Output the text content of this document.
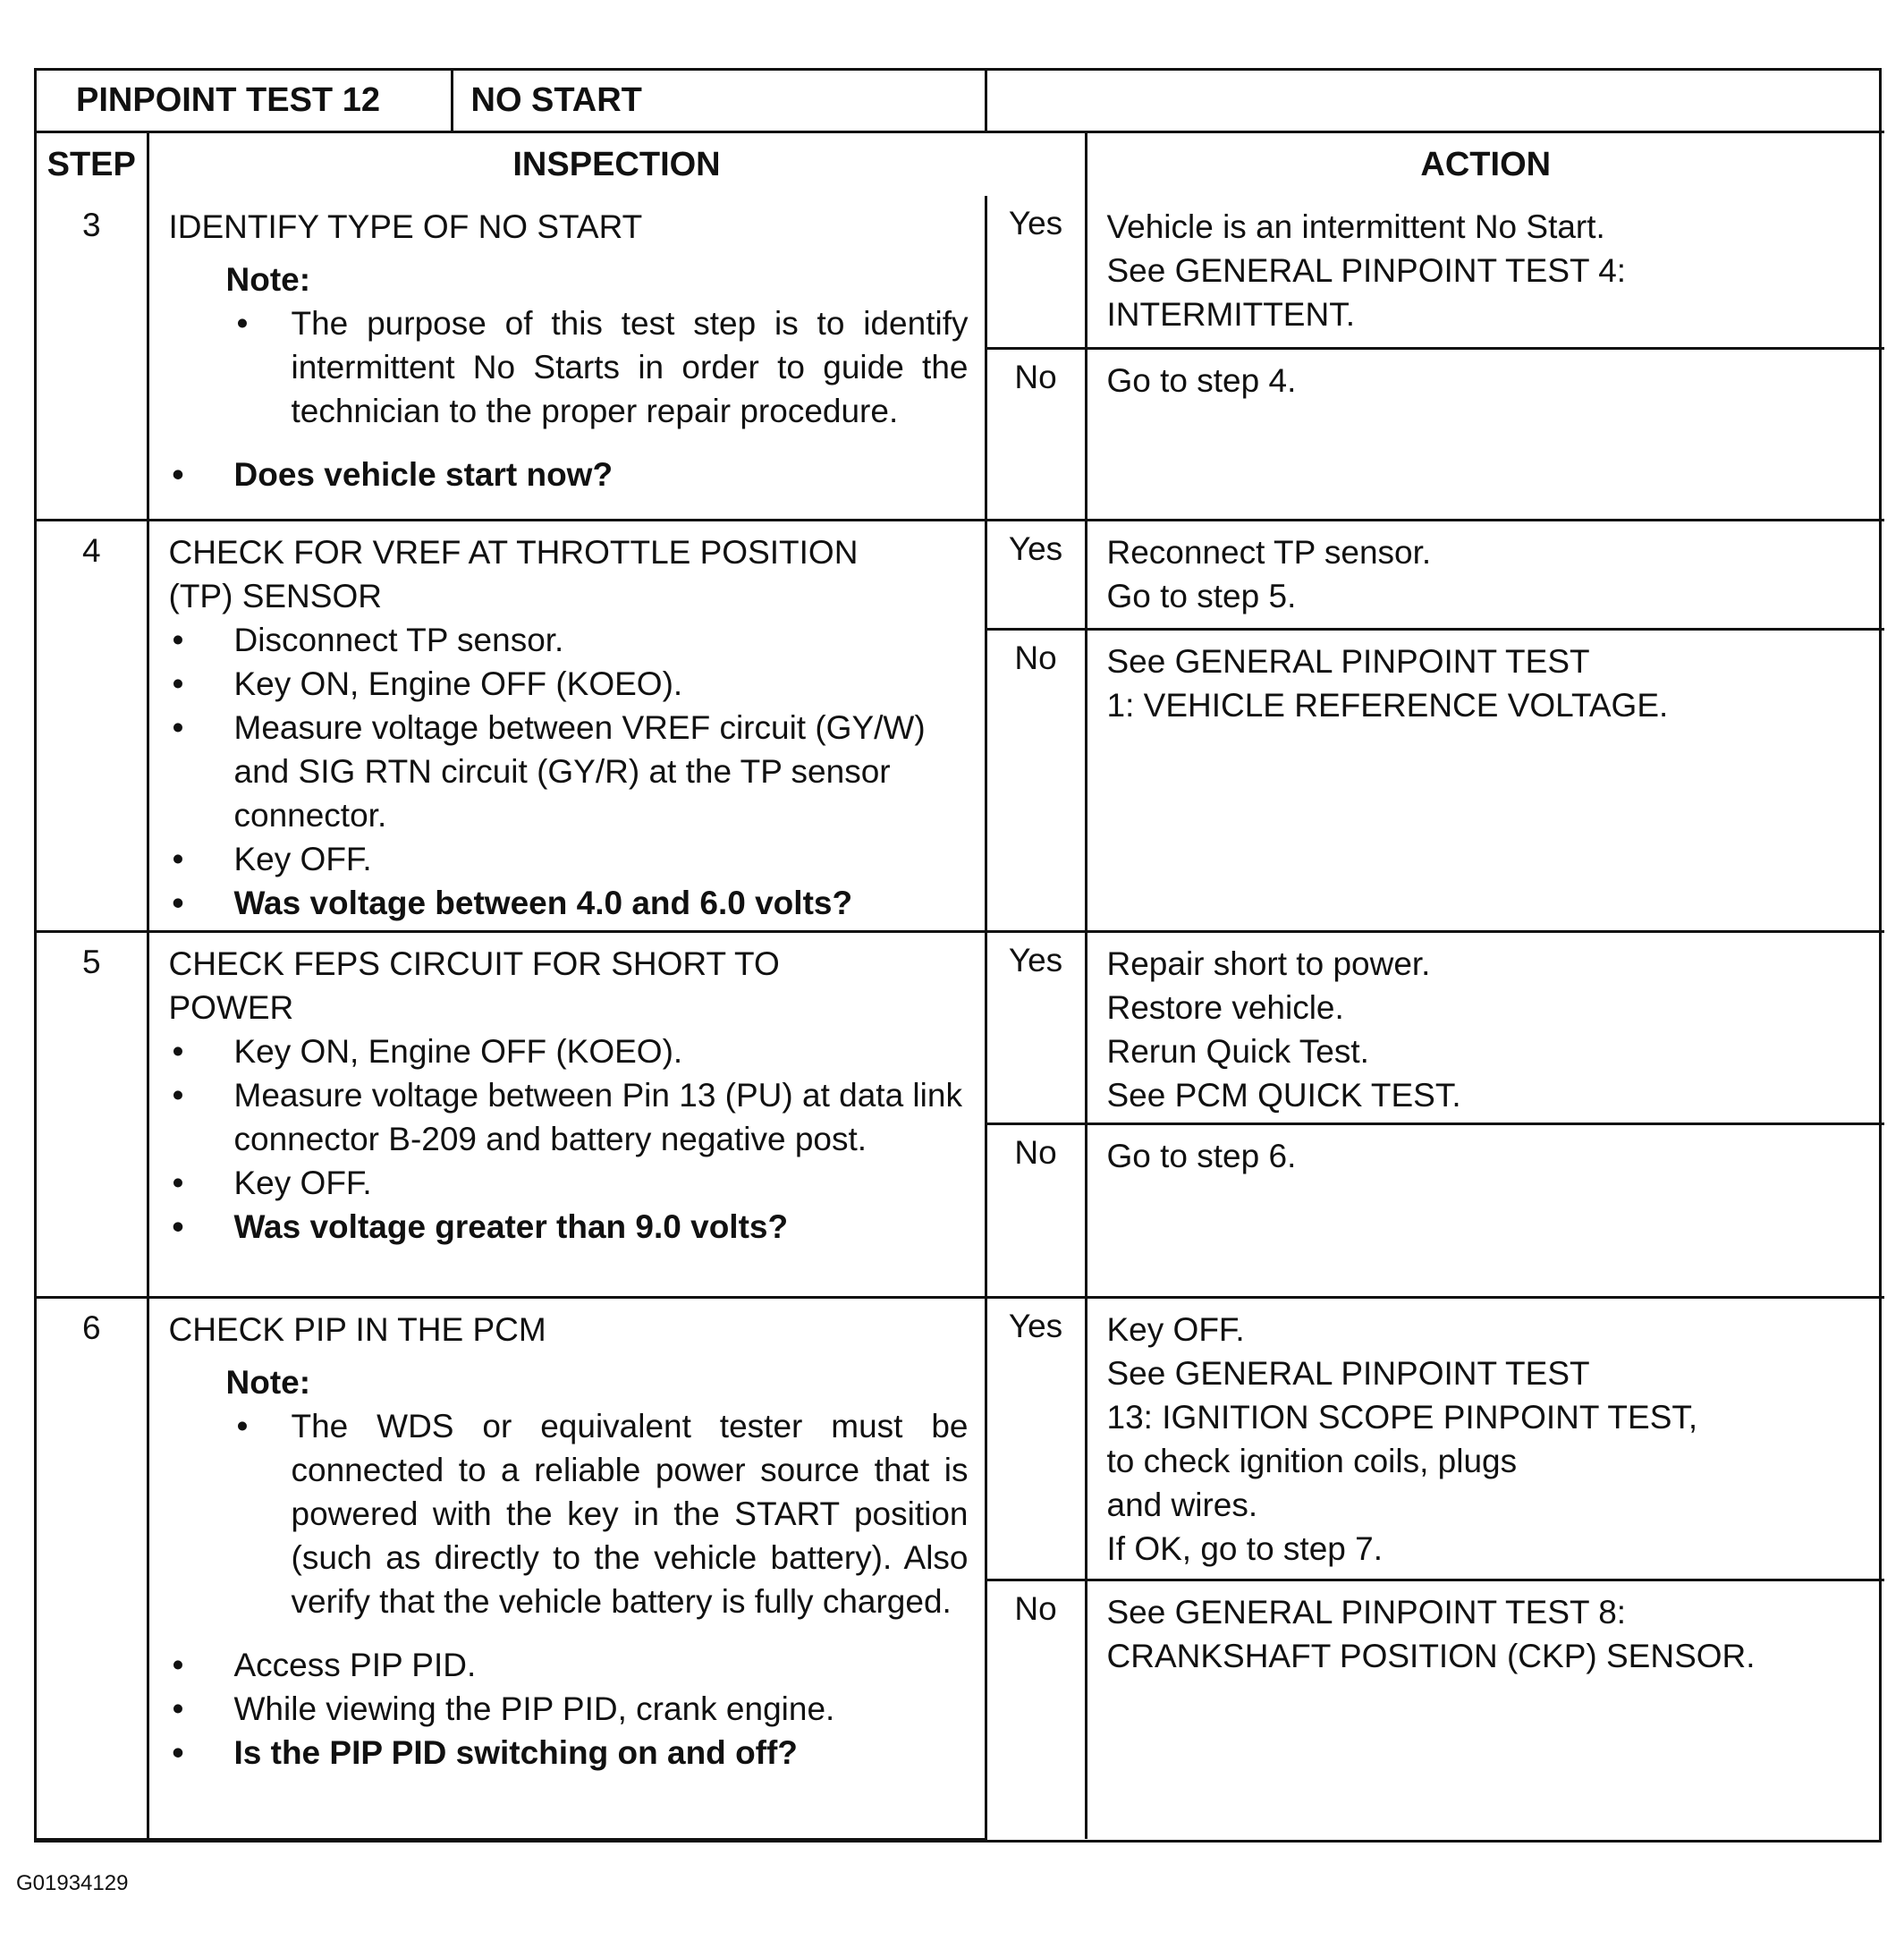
PINPOINT TEST 12	NO START

STEP	INSPECTION	ACTION
3	IDENTIFY TYPE OF NO START
Note:
• The purpose of this test step is to identify intermittent No Starts in order to guide the technician to the proper repair procedure.
• Does vehicle start now?
	Yes	Vehicle is an intermittent No Start.
See GENERAL PINPOINT TEST 4:
INTERMITTENT.

No	Go to step 4.

4	CHECK FOR VREF AT THROTTLE POSITION
(TP) SENSOR
• Disconnect TP sensor.
• Key ON, Engine OFF (KOEO).
• Measure voltage between VREF circuit (GY/W) and SIG RTN circuit (GY/R) at the TP sensor connector.
• Key OFF.
• Was voltage between 4.0 and 6.0 volts?
	Yes	Reconnect TP sensor.
Go to step 5.

No	See GENERAL PINPOINT TEST
1: VEHICLE REFERENCE VOLTAGE.

5	CHECK FEPS CIRCUIT FOR SHORT TO
POWER
• Key ON, Engine OFF (KOEO).
• Measure voltage between Pin 13 (PU) at data link connector B-209 and battery negative post.
• Key OFF.
• Was voltage greater than 9.0 volts?
	Yes	Repair short to power.
Restore vehicle.
Rerun Quick Test.
See PCM QUICK TEST.

No	Go to step 6.

6	CHECK PIP IN THE PCM
Note:
• The WDS or equivalent tester must be connected to a reliable power source that is powered with the key in the START position (such as directly to the vehicle battery). Also verify that the vehicle battery is fully charged.
• Access PIP PID.
• While viewing the PIP PID, crank engine.
• Is the PIP PID switching on and off?
	Yes	Key OFF.
See GENERAL PINPOINT TEST
13: IGNITION SCOPE PINPOINT TEST,
to check ignition coils, plugs
and wires.
If OK, go to step 7.

No	See GENERAL PINPOINT TEST 8:
CRANKSHAFT POSITION (CKP) SENSOR.
G01934129
